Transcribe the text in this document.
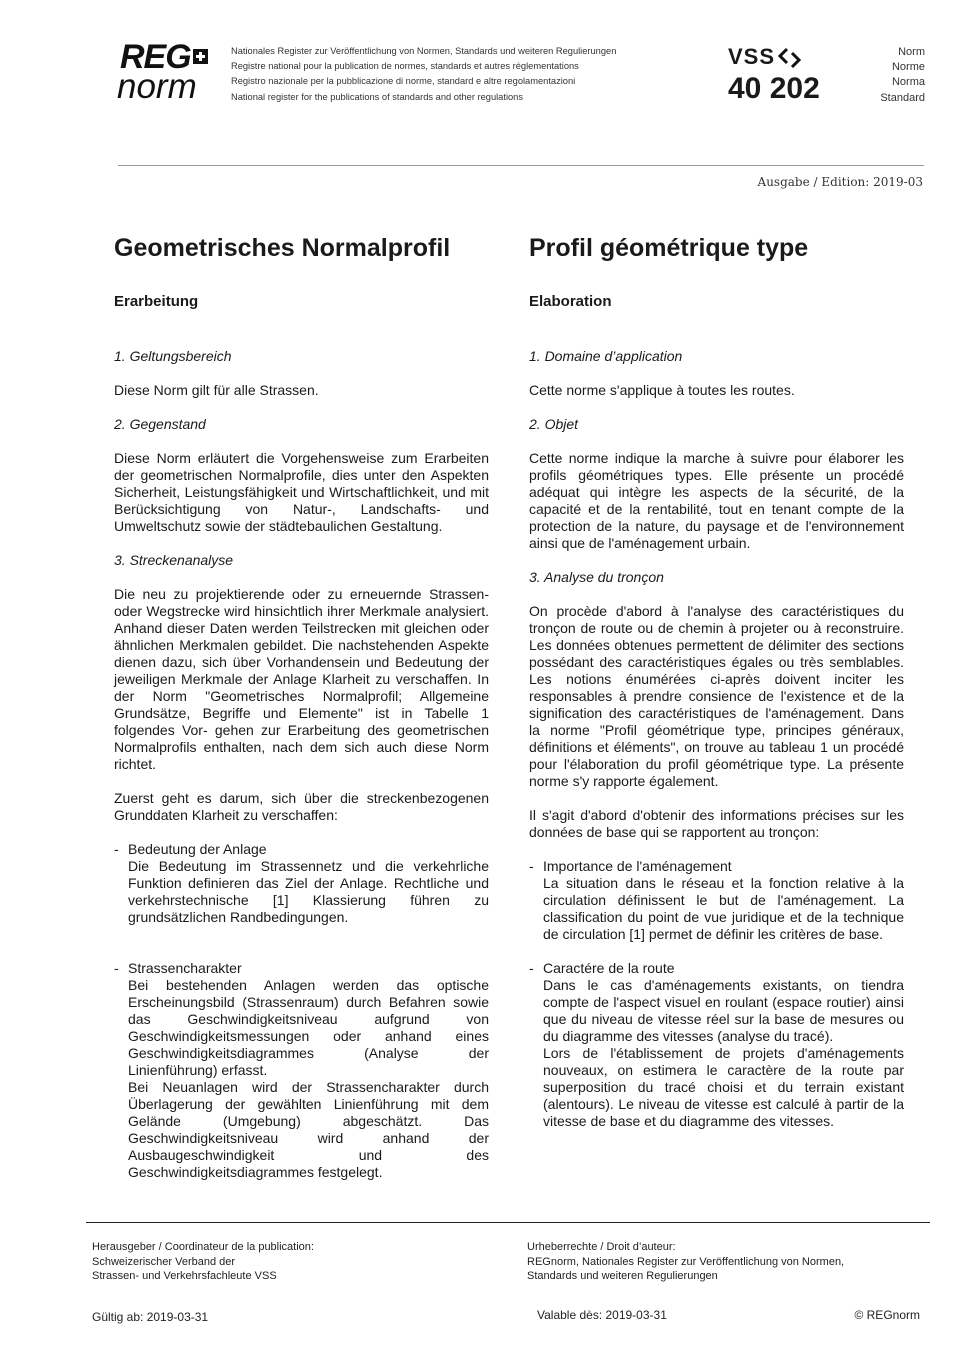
REG
norm
Nationales Register zur Veröffentlichung von Normen, Standards und weiteren Regulierungen
Registre national pour la publication de normes, standards et autres réglementations
Registro nazionale per la pubblicazione di norme, standard e altre regolamentazioni
National register for the publications of standards and other regulations
VSS
40 202
Norm
Norme
Norma
Standard
Ausgabe / Edition: 2019-03
Geometrisches Normalprofil
Erarbeitung

1. Geltungsbereich

Diese Norm gilt für alle Strassen.

2. Gegenstand

Diese Norm erläutert die Vorgehensweise zum Erarbeiten der geometrischen Normalprofile, dies unter den Aspekten Sicherheit, Leistungsfähigkeit und Wirtschaftlichkeit, und mit Berücksichtigung von Natur-, Landschafts- und Umweltschutz sowie der städtebaulichen Gestaltung.

3. Streckenanalyse

Die neu zu projektierende oder zu erneuernde Strassen- oder Wegstrecke wird hinsichtlich ihrer Merkmale analysiert. Anhand dieser Daten werden Teilstrecken mit gleichen oder ähnlichen Merkmalen gebildet. Die nachstehenden Aspekte dienen dazu, sich über Vorhandensein und Bedeutung der jeweiligen Merkmale der Anlage Klarheit zu verschaffen. In der Norm "Geometrisches Normalprofil; Allgemeine Grundsätze, Begriffe und Elemente" ist in Tabelle 1 folgendes Vor- gehen zur Erarbeitung des geometrischen Normalprofils enthalten, nach dem sich auch diese Norm richtet.

Zuerst geht es darum, sich über die streckenbezogenen Grunddaten Klarheit zu verschaffen:

- Bedeutung der Anlage

Die Bedeutung im Strassennetz und die verkehrliche Funktion definieren das Ziel der Anlage. Rechtliche und verkehrstechnische [1] Klassierung führen zu grundsätzlichen Randbedingungen.

- Strassencharakter

Bei bestehenden Anlagen werden das optische Erscheinungsbild (Strassenraum) durch Befahren sowie das Geschwindigkeitsniveau aufgrund von Geschwindigkeitsmessungen oder anhand eines Geschwindigkeitsdiagrammes (Analyse der Linienführung) erfasst.

Bei Neuanlagen wird der Strassencharakter durch Überlagerung der gewählten Linienführung mit dem Gelände (Umgebung) abgeschätzt. Das Geschwindigkeitsniveau wird anhand der Ausbaugeschwindigkeit und des Geschwindigkeitsdiagrammes festgelegt.

Profil géométrique type
Elaboration

1. Domaine d’application

Cette norme s'applique à toutes les routes.

2. Objet

Cette norme indique la marche à suivre pour élaborer les profils géométriques types. Elle présente un procédé adéquat qui intègre les aspects de la sécurité, de la capacité et de la rentabilité, tout en tenant compte de la protection de la nature, du paysage et de l'environnement ainsi que de l'aménagement urbain.

3. Analyse du tronçon

On procède d'abord à l'analyse des caractéristiques du tronçon de route ou de chemin à projeter ou à reconstruire. Les données obtenues permettent de délimiter des sections possédant des caractéristiques égales ou très semblables. Les notions énumérées ci-après doivent inciter les responsables à prendre consience de l'existence et de la signification des caractéristiques de l'aménagement. Dans la norme "Profil géométrique type, principes généraux, définitions et éléments", on trouve au tableau 1 un procédé pour l'élaboration du profil géométrique type. La présente norme s'y rapporte également.

Il s'agit d'abord d'obtenir des informations précises sur les données de base qui se rapportent au tronçon:

- Importance de l'aménagement

La situation dans le réseau et la fonction relative à la circulation définissent le but de l'aménagement. La classification du point de vue juridique et de la technique de circulation [1] permet de définir les critères de base.

- Caractére de la route

Dans le cas d'aménagements existants, on tiendra compte de l'aspect visuel en roulant (espace routier) ainsi que du niveau de vitesse réel sur la base de mesures ou du diagramme des vitesses (analyse du tracé).

Lors de l'établissement de projets d'aménagements nouveaux, on estimera le caractère de la route par superposition du tracé choisi et du terrain existant (alentours). Le niveau de vitesse est calculé à partir de la vitesse de base et du diagramme des vitesses.

Herausgeber / Coordinateur de la publication:
Schweizerischer Verband der
Strassen- und Verkehrsfachleute VSS
Urheberrechte / Droit d’auteur:
REGnorm, Nationales Register zur Veröffentlichung von Normen,
Standards und weiteren Regulierungen
Gültig ab: 2019-03-31	Valable dès: 2019-03-31	© REGnorm
